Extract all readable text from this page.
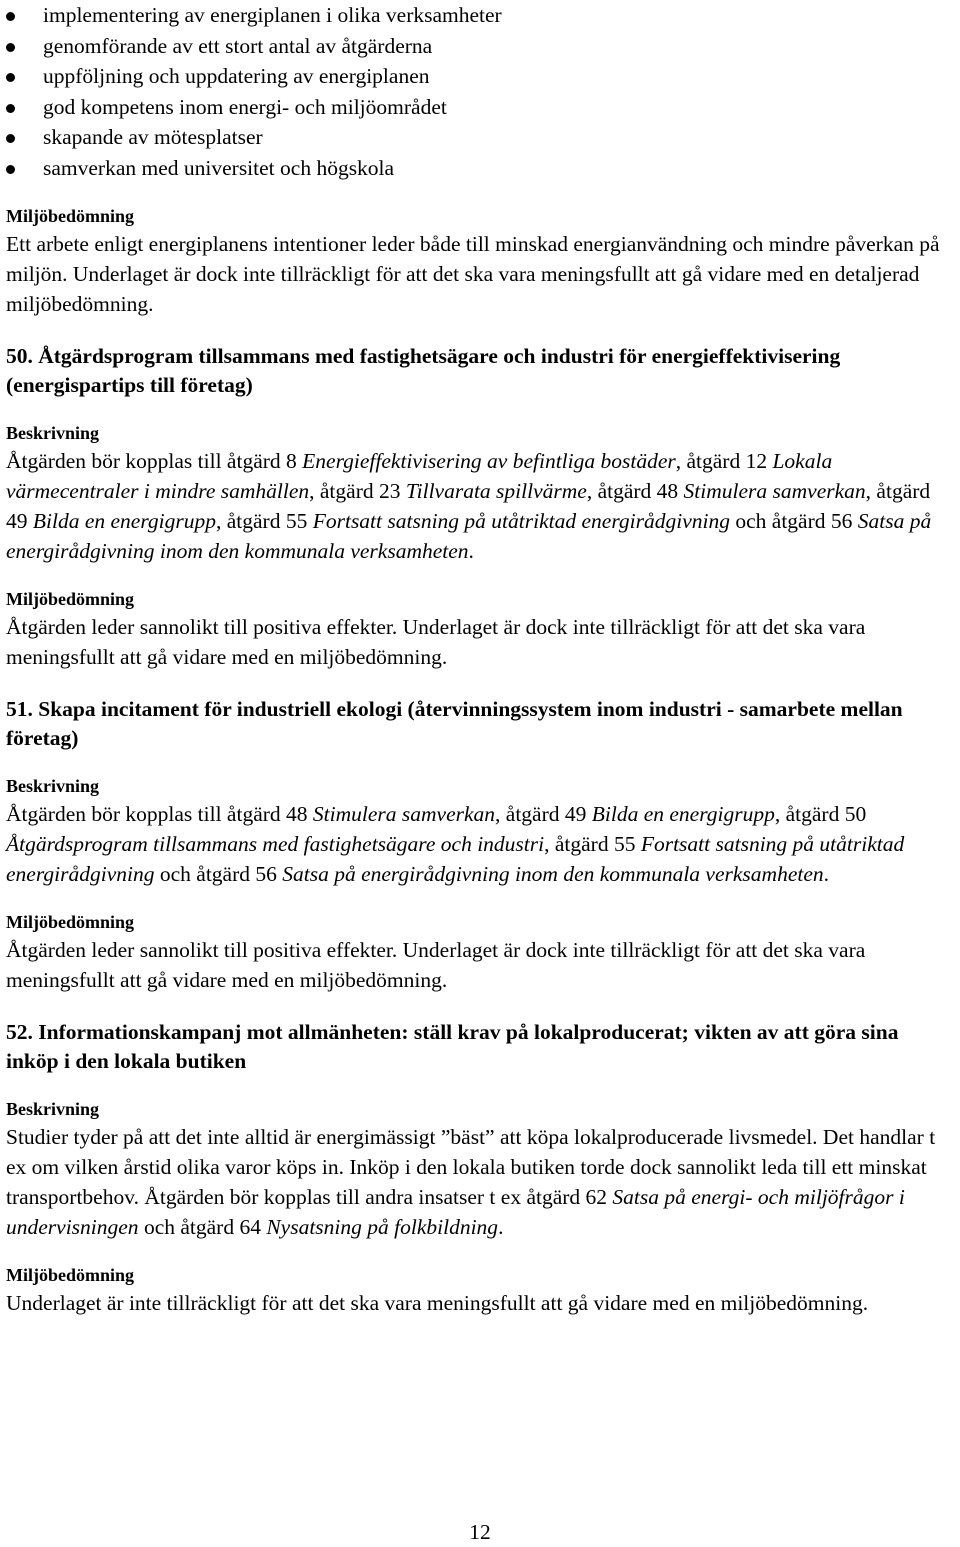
implementering av energiplanen i olika verksamheter
genomförande av ett stort antal av åtgärderna
uppföljning och uppdatering av energiplanen
god kompetens inom energi- och miljöområdet
skapande av mötesplatser
samverkan med universitet och högskola
Miljöbedömning

Ett arbete enligt energiplanens intentioner leder både till minskad energianvändning och mindre påverkan på miljön. Underlaget är dock inte tillräckligt för att det ska vara meningsfullt att gå vidare med en detaljerad miljöbedömning.

50. Åtgärdsprogram tillsammans med fastighetsägare och industri för energieffektivisering (energispartips till företag)

Beskrivning

Åtgärden bör kopplas till åtgärd 8 Energieffektivisering av befintliga bostäder, åtgärd 12 Lokala värmecentraler i mindre samhällen, åtgärd 23 Tillvarata spillvärme, åtgärd 48 Stimulera samverkan, åtgärd 49 Bilda en energigrupp, åtgärd 55 Fortsatt satsning på utåtriktad energirådgivning och åtgärd 56 Satsa på energirådgivning inom den kommunala verksamheten.

Miljöbedömning

Åtgärden leder sannolikt till positiva effekter. Underlaget är dock inte tillräckligt för att det ska vara meningsfullt att gå vidare med en miljöbedömning.

51. Skapa incitament för industriell ekologi (återvinningssystem inom industri - samarbete mellan företag)

Beskrivning

Åtgärden bör kopplas till åtgärd 48 Stimulera samverkan, åtgärd 49 Bilda en energigrupp, åtgärd 50 Åtgärdsprogram tillsammans med fastighetsägare och industri, åtgärd 55 Fortsatt satsning på utåtriktad energirådgivning och åtgärd 56 Satsa på energirådgivning inom den kommunala verksamheten.

Miljöbedömning

Åtgärden leder sannolikt till positiva effekter. Underlaget är dock inte tillräckligt för att det ska vara meningsfullt att gå vidare med en miljöbedömning.

52. Informationskampanj mot allmänheten: ställ krav på lokalproducerat; vikten av att göra sina inköp i den lokala butiken

Beskrivning

Studier tyder på att det inte alltid är energimässigt ”bäst” att köpa lokalproducerade livsmedel. Det handlar t ex om vilken årstid olika varor köps in. Inköp i den lokala butiken torde dock sannolikt leda till ett minskat transportbehov. Åtgärden bör kopplas till andra insatser t ex åtgärd 62 Satsa på energi- och miljöfrågor i undervisningen och åtgärd 64 Nysatsning på folkbildning.

Miljöbedömning

Underlaget är inte tillräckligt för att det ska vara meningsfullt att gå vidare med en miljöbedömning.

12
